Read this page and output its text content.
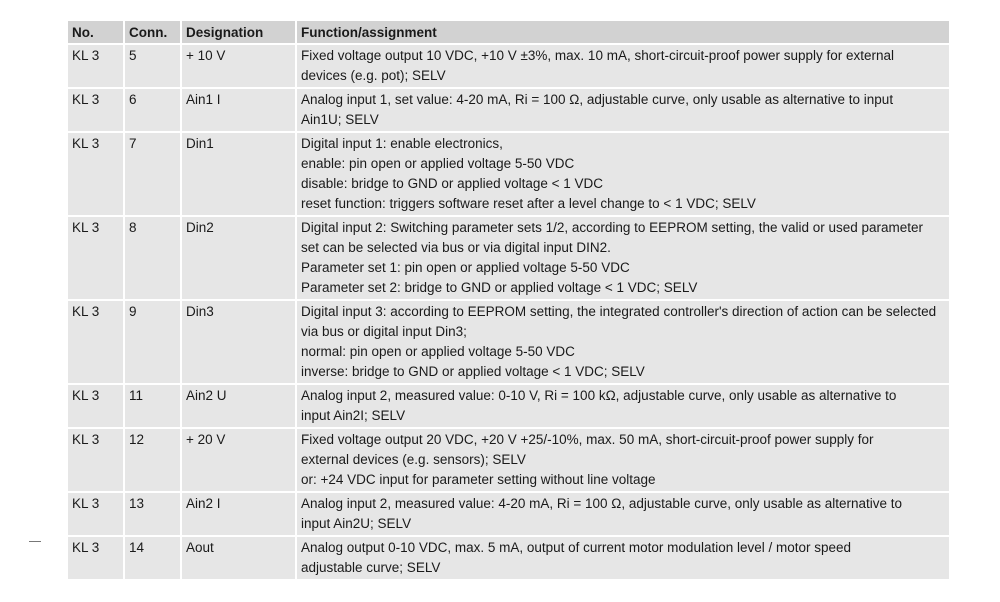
No.	Conn.	Designation	Function/assignment
KL 3	5	+ 10 V	Fixed voltage output 10 VDC, +10 V ±3%, max. 10 mA, short-circuit-proof power supply for external
devices (e.g. pot); SELV

KL 3	6	Ain1 I	Analog input 1, set value: 4-20 mA, Ri = 100 Ω, adjustable curve, only usable as alternative to input
Ain1U; SELV

KL 3	7	Din1	Digital input 1: enable electronics,
enable: pin open or applied voltage 5-50 VDC
disable: bridge to GND or applied voltage < 1 VDC
reset function: triggers software reset after a level change to < 1 VDC; SELV

KL 3	8	Din2	Digital input 2: Switching parameter sets 1/2, according to EEPROM setting, the valid or used parameter
set can be selected via bus or via digital input DIN2.
Parameter set 1: pin open or applied voltage 5-50 VDC
Parameter set 2: bridge to GND or applied voltage < 1 VDC; SELV

KL 3	9	Din3	Digital input 3: according to EEPROM setting, the integrated controller's direction of action can be selected
via bus or digital input Din3;
normal: pin open or applied voltage 5-50 VDC
inverse: bridge to GND or applied voltage < 1 VDC; SELV

KL 3	11	Ain2 U	Analog input 2, measured value: 0-10 V, Ri = 100 kΩ, adjustable curve, only usable as alternative to
input Ain2I; SELV

KL 3	12	+ 20 V	Fixed voltage output 20 VDC, +20 V +25/-10%, max. 50 mA, short-circuit-proof power supply for
external devices (e.g. sensors); SELV
or: +24 VDC input for parameter setting without line voltage

KL 3	13	Ain2 I	Analog input 2, measured value: 4-20 mA, Ri = 100 Ω, adjustable curve, only usable as alternative to
input Ain2U; SELV

KL 3	14	Aout	Analog output 0-10 VDC, max. 5 mA, output of current motor modulation level / motor speed
adjustable curve; SELV
